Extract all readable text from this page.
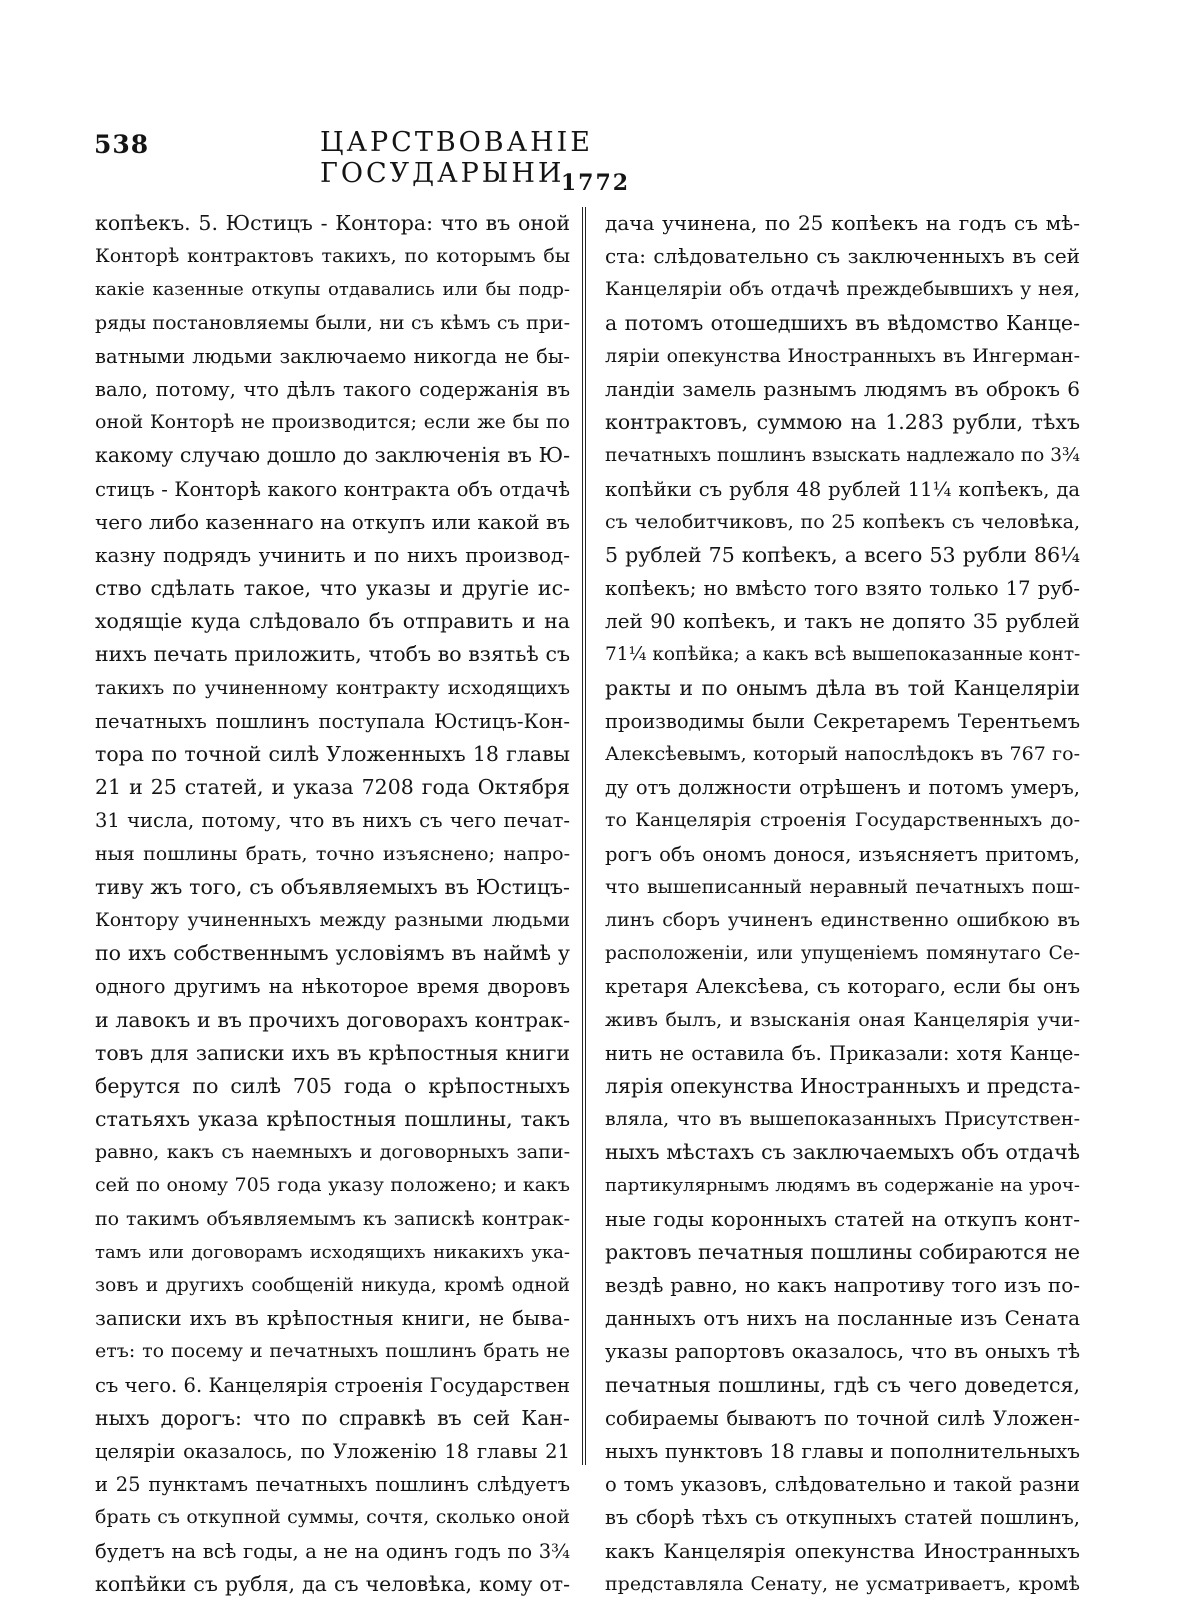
538	ЦАРСТВОВАНІЕ ГОСУДАРЫНИ
1772
копѣекъ. 5. Юстицъ - Контора: что въ оной
Конторѣ контрактовъ такихъ, по которымъ бы
какіе казенные откупы отдавались или бы подр-
ряды постановляемы были, ни съ кѣмъ съ при-
ватными людьми заключаемо никогда не бы-
вало, потому, что дѣлъ такого содержанія въ
оной Конторѣ не производится; если же бы по
какому случаю дошло до заключенія въ Ю-
стицъ - Конторѣ какого контракта объ отдачѣ
чего либо казеннаго на откупъ или какой въ
казну подрядъ учинить и по нихъ производ-
ство сдѣлать такое, что указы и другіе ис-
ходящіе куда слѣдовало бъ отправить и на
нихъ печать приложить, чтобъ во взятьѣ съ
такихъ по учиненному контракту исходящихъ
печатныхъ пошлинъ поступала Юстицъ-Кон-
тора по точной силѣ Уложенныхъ 18 главы
21 и 25 статей, и указа 7208 года Октября
31 числа, потому, что въ нихъ съ чего печат-
ныя пошлины брать, точно изъяснено; напро-
тиву жъ того, съ объявляемыхъ въ Юстицъ-
Контору учиненныхъ между разными людьми
по ихъ собственнымъ условіямъ въ наймѣ у
одного другимъ на нѣкоторое время дворовъ
и лавокъ и въ прочихъ договорахъ контрак-
товъ для записки ихъ въ крѣпостныя книги
берутся по силѣ 705 года о крѣпостныхъ
статьяхъ указа крѣпостныя пошлины, такъ
равно, какъ съ наемныхъ и договорныхъ запи-
сей по оному 705 года указу положено; и какъ
по такимъ объявляемымъ къ запискѣ контрак-
тамъ или договорамъ исходящихъ никакихъ ука-
зовъ и другихъ сообщеній никуда, кромѣ одной
записки ихъ въ крѣпостныя книги, не быва-
етъ: то посему и печатныхъ пошлинъ брать не
съ чего. 6. Канцелярія строенія Государствен
ныхъ дорогъ: что по справкѣ въ сей Кан-
целяріи оказалось, по Уложенію 18 главы 21
и 25 пунктамъ печатныхъ пошлинъ слѣдуетъ
брать съ откупной суммы, сочтя, сколько оной
будетъ на всѣ годы, а не на одинъ годъ по 3¾
копѣйки съ рубля, да съ человѣка, кому от-
дача учинена, по 25 копѣекъ на годъ съ мѣ-
ста: слѣдовательно съ заключенныхъ въ сей
Канцеляріи объ отдачѣ преждебывшихъ у нея,
а потомъ отошедшихъ въ вѣдомство Канце-
ляріи опекунства Иностранныхъ въ Ингерман-
ландіи замель разнымъ людямъ въ оброкъ 6
контрактовъ, суммою на 1.283 рубли, тѣхъ
печатныхъ пошлинъ взыскать надлежало по 3¾
копѣйки съ рубля 48 рублей 11¼ копѣекъ, да
съ челобитчиковъ, по 25 копѣекъ съ человѣка,
5 рублей 75 копѣекъ, а всего 53 рубли 86¼
копѣекъ; но вмѣсто того взято только 17 руб-
лей 90 копѣекъ, и такъ не допято 35 рублей
71¼ копѣйка; а какъ всѣ вышепоказанные конт-
ракты и по онымъ дѣла въ той Канцеляріи
производимы были Секретаремъ Терентьемъ
Алексѣевымъ, который напослѣдокъ въ 767 го-
ду отъ должности отрѣшенъ и потомъ умеръ,
то Канцелярія строенія Государственныхъ до-
рогъ объ ономъ донося, изъясняетъ притомъ,
что вышеписанный неравный печатныхъ пош-
линъ сборъ учиненъ единственно ошибкою въ
расположеніи, или упущеніемъ помянутаго Се-
кретаря Алексѣева, съ котораго, если бы онъ
живъ былъ, и взысканія оная Канцелярія учи-
нить не оставила бъ. Приказали: хотя Канце-
лярія опекунства Иностранныхъ и предста-
вляла, что въ вышепоказанныхъ Присутствен-
ныхъ мѣстахъ съ заключаемыхъ объ отдачѣ
партикулярнымъ людямъ въ содержаніе на уроч-
ные годы коронныхъ статей на откупъ конт-
рактовъ печатныя пошлины собираются не
вездѣ равно, но какъ напротиву того изъ по-
данныхъ отъ нихъ на посланные изъ Сената
указы рапортовъ оказалось, что въ оныхъ тѣ
печатныя пошлины, гдѣ съ чего доведется,
собираемы бываютъ по точной силѣ Уложен-
ныхъ пунктовъ 18 главы и пополнительныхъ
о томъ указовъ, слѣдовательно и такой разни
въ сборѣ тѣхъ съ откупныхъ статей пошлинъ,
какъ Канцелярія опекунства Иностранныхъ
представляла Сенату, не усматриваетъ, кромѣ
